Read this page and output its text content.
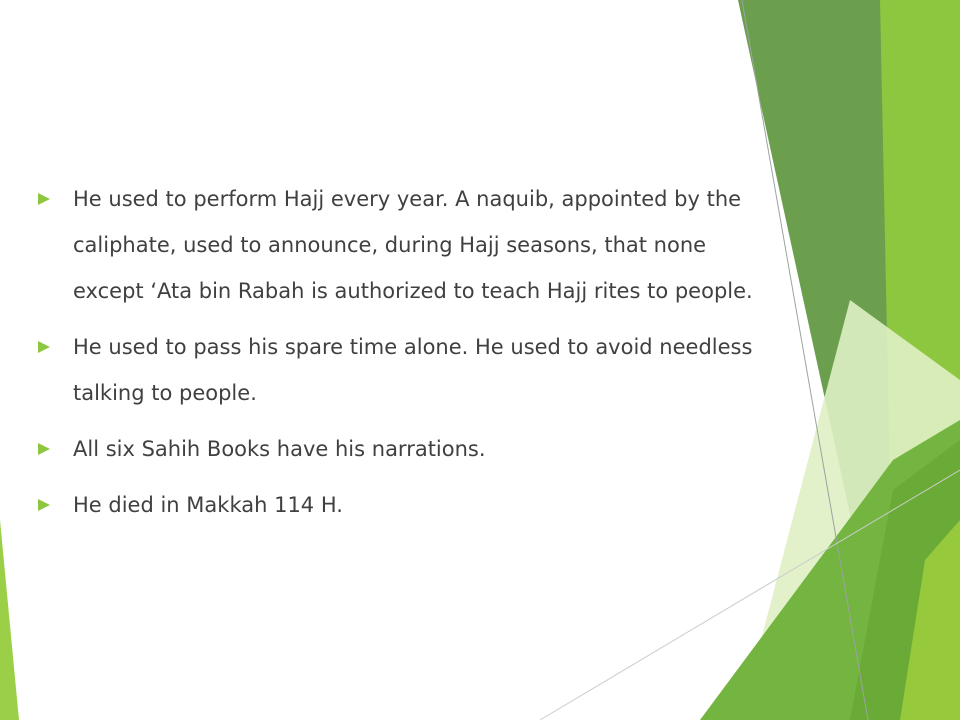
He used to perform Hajj every year. A naquib, appointed by the caliphate, used to announce, during Hajj seasons, that none except ‘Ata bin Rabah is authorized to teach Hajj rites to people.
He used to pass his spare time alone. He used to avoid needless talking to people.
All six Sahih Books have his narrations.
He died in Makkah 114 H.
